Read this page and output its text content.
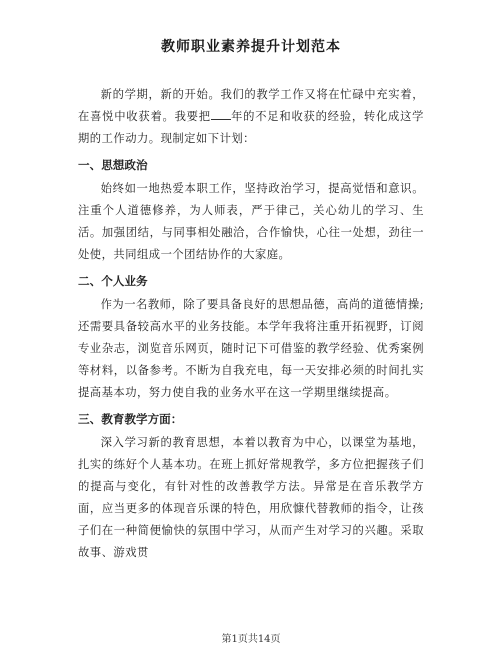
教师职业素养提升计划范本

新的学期，新的开始。我们的教学工作又将在忙碌中充实着，在喜悦中收获着。我要把 年的不足和收获的经验，转化成这学期的工作动力。现制定如下计划：

一、思想政治

始终如一地热爱本职工作，坚持政治学习，提高觉悟和意识。注重个人道德修养，为人师表，严于律己，关心幼儿的学习、生活。加强团结，与同事相处融洽，合作愉快，心往一处想，劲往一处使，共同组成一个团结协作的大家庭。

二、个人业务

作为一名教师，除了要具备良好的思想品德，高尚的道德情操;还需要具备较高水平的业务技能。本学年我将注重开拓视野，订阅专业杂志，浏览音乐网页，随时记下可借鉴的教学经验、优秀案例等材料，以备参考。不断为自我充电，每一天安排必须的时间扎实提高基本功，努力使自我的业务水平在这一学期里继续提高。

三、教育教学方面：

深入学习新的教育思想，本着以教育为中心，以课堂为基地，扎实的练好个人基本功。在班上抓好常规教学，多方位把握孩子们的提高与变化，有针对性的改善教学方法。异常是在音乐教学方面，应当更多的体现音乐课的特色，用欣慷代替教师的指令，让孩子们在一种简便愉快的氛围中学习，从而产生对学习的兴趣。采取故事、游戏贯

第1页共14页
